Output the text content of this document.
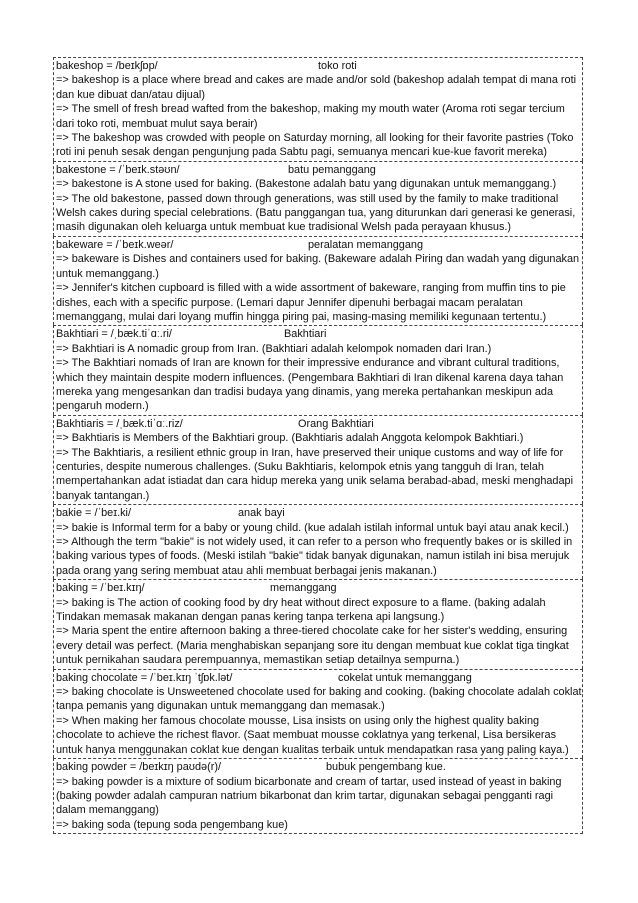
bakeshop = /beɪkʃɒp/	toko roti
=> bakeshop is a place where bread and cakes are made and/or sold (bakeshop adalah tempat di mana roti dan kue dibuat dan/atau dijual)
=> The smell of fresh bread wafted from the bakeshop, making my mouth water (Aroma roti segar tercium dari toko roti, membuat mulut saya berair)
=> The bakeshop was crowded with people on Saturday morning, all looking for their favorite pastries (Toko roti ini penuh sesak dengan pengunjung pada Sabtu pagi, semuanya mencari kue-kue favorit mereka)
bakestone = /ˈbeɪk.stəʊn/	batu pemanggang
=> bakestone is A stone used for baking. (Bakestone adalah batu yang digunakan untuk memanggang.)
=> The old bakestone, passed down through generations, was still used by the family to make traditional Welsh cakes during special celebrations. (Batu panggangan tua, yang diturunkan dari generasi ke generasi, masih digunakan oleh keluarga untuk membuat kue tradisional Welsh pada perayaan khusus.)
bakeware = /ˈbeɪk.weər/	peralatan memanggang
=> bakeware is Dishes and containers used for baking. (Bakeware adalah Piring dan wadah yang digunakan untuk memanggang.)
=> Jennifer's kitchen cupboard is filled with a wide assortment of bakeware, ranging from muffin tins to pie dishes, each with a specific purpose. (Lemari dapur Jennifer dipenuhi berbagai macam peralatan memanggang, mulai dari loyang muffin hingga piring pai, masing-masing memiliki kegunaan tertentu.)
Bakhtiari = /ˌbæk.tiˈɑː.ri/	Bakhtiari
=> Bakhtiari is A nomadic group from Iran. (Bakhtiari adalah kelompok nomaden dari Iran.)
=> The Bakhtiari nomads of Iran are known for their impressive endurance and vibrant cultural traditions, which they maintain despite modern influences. (Pengembara Bakhtiari di Iran dikenal karena daya tahan mereka yang mengesankan dan tradisi budaya yang dinamis, yang mereka pertahankan meskipun ada pengaruh modern.)
Bakhtiaris = /ˌbæk.tiˈɑː.riz/	Orang Bakhtiari
=> Bakhtiaris is Members of the Bakhtiari group. (Bakhtiaris adalah Anggota kelompok Bakhtiari.)
=> The Bakhtiaris, a resilient ethnic group in Iran, have preserved their unique customs and way of life for centuries, despite numerous challenges. (Suku Bakhtiaris, kelompok etnis yang tangguh di Iran, telah mempertahankan adat istiadat dan cara hidup mereka yang unik selama berabad-abad, meski menghadapi banyak tantangan.)
bakie = /ˈbeɪ.ki/	anak bayi
=> bakie is Informal term for a baby or young child. (kue adalah istilah informal untuk bayi atau anak kecil.)
=> Although the term "bakie" is not widely used, it can refer to a person who frequently bakes or is skilled in baking various types of foods. (Meski istilah "bakie" tidak banyak digunakan, namun istilah ini bisa merujuk pada orang yang sering membuat atau ahli membuat berbagai jenis makanan.)
baking = /ˈbeɪ.kɪŋ/	memanggang
=> baking is The action of cooking food by dry heat without direct exposure to a flame. (baking adalah Tindakan memasak makanan dengan panas kering tanpa terkena api langsung.)
=> Maria spent the entire afternoon baking a three-tiered chocolate cake for her sister's wedding, ensuring every detail was perfect. (Maria menghabiskan sepanjang sore itu dengan membuat kue coklat tiga tingkat untuk pernikahan saudara perempuannya, memastikan setiap detailnya sempurna.)
baking chocolate = /ˈbeɪ.kɪŋ ˈtʃɒk.lət/	cokelat untuk memanggang
=> baking chocolate is Unsweetened chocolate used for baking and cooking. (baking chocolate adalah coklat tanpa pemanis yang digunakan untuk memanggang dan memasak.)
=> When making her famous chocolate mousse, Lisa insists on using only the highest quality baking chocolate to achieve the richest flavor. (Saat membuat mousse coklatnya yang terkenal, Lisa bersikeras untuk hanya menggunakan coklat kue dengan kualitas terbaik untuk mendapatkan rasa yang paling kaya.)
baking powder = /beɪkɪŋ paʊdə(r)/	bubuk pengembang kue.
=> baking powder is a mixture of sodium bicarbonate and cream of tartar, used instead of yeast in baking (baking powder adalah campuran natrium bikarbonat dan krim tartar, digunakan sebagai pengganti ragi dalam memanggang)
=> baking soda (tepung soda pengembang kue)
